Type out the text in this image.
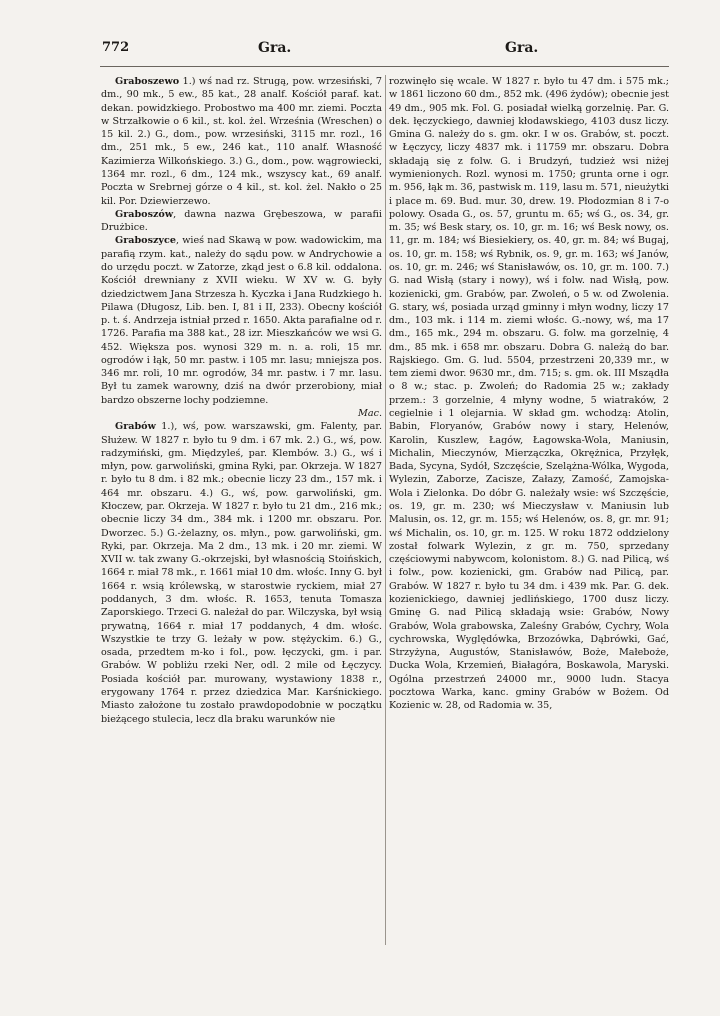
772	Gra.	Gra.

Graboszewo 1.) wś nad rz. Strugą, pow. wrzesiński, 7 dm., 90 mk., 5 ew., 85 kat., 28 analf. Kościół paraf. kat. dekan. powidzkiego. Probostwo ma 400 mr. ziemi. Poczta w Strzałkowie o 6 kil., st. kol. żel. Września (Wreschen) o 15 kil. 2.) G., dom., pow. wrzesiński, 3115 mr. rozl., 16 dm., 251 mk., 5 ew., 246 kat., 110 analf. Własność Kazimierza Wilkońskiego. 3.) G., dom., pow. wągrowiecki, 1364 mr. rozl., 6 dm., 124 mk., wszyscy kat., 69 analf. Poczta w Srebrnej górze o 4 kil., st. kol. żel. Nakło o 25 kil. Por. Dziewierzewo.

Graboszów, dawna nazwa Grębeszowa, w parafii Drużbice.

Graboszyce, wieś nad Skawą w pow. wadowickim, ma parafią rzym. kat., należy do sądu pow. w Andrychowie a do urzędu poczt. w Zatorze, zkąd jest o 6.8 kil. oddalona. Kościół drewniany z XVII wieku. W XV w. G. były dziedzictwem Jana Strzesza h. Kyczka i Jana Rudzkiego h. Pilawa (Długosz, Lib. ben. I, 81 i II, 233). Obecny kościół p. t. ś. Andrzeja istniał przed r. 1650. Akta parafialne od r. 1726. Parafia ma 388 kat., 28 izr. Mieszkańców we wsi G. 452. Większa pos. wynosi 329 m. n. a. roli, 15 mr. ogrodów i łąk, 50 mr. pastw. i 105 mr. lasu; mniejsza pos. 346 mr. roli, 10 mr. ogrodów, 34 mr. pastw. i 7 mr. lasu. Był tu zamek warowny, dziś na dwór przerobiony, miał bardzo obszerne lochy podziemne.

Mac.

Grabów 1.), wś, pow. warszawski, gm. Falenty, par. Służew. W 1827 r. było tu 9 dm. i 67 mk. 2.) G., wś, pow. radzymiński, gm. Międzyleś, par. Klembów. 3.) G., wś i młyn, pow. garwoliński, gmina Ryki, par. Okrzeja. W 1827 r. było tu 8 dm. i 82 mk.; obecnie liczy 23 dm., 157 mk. i 464 mr. obszaru. 4.) G., wś, pow. garwoliński, gm. Kłoczew, par. Okrzeja. W 1827 r. było tu 21 dm., 216 mk.; obecnie liczy 34 dm., 384 mk. i 1200 mr. obszaru. Por. Dworzec. 5.) G.-żelazny, os. młyn., pow. garwoliński, gm. Ryki, par. Okrzeja. Ma 2 dm., 13 mk. i 20 mr. ziemi. W XVII w. tak zwany G.-okrzejski, był własnością Stoińskich, 1664 r. miał 78 mk., r. 1661 miał 10 dm. włośc. Inny G. był 1664 r. wsią królewską, w starostwie ryckiem, miał 27 poddanych, 3 dm. włośc. R. 1653, tenuta Tomasza Zaporskiego. Trzeci G. należał do par. Wilczyska, był wsią prywatną, 1664 r. miał 17 poddanych, 4 dm. włośc. Wszystkie te trzy G. leżały w pow. stężyckim. 6.) G., osada, przedtem m-ko i fol., pow. łęczycki, gm. i par. Grabów. W pobliżu rzeki Ner, odl. 2 mile od Łęczycy. Posiada kościół par. murowany, wystawiony 1838 r., erygowany 1764 r. przez dziedzica Mar. Karśnickiego. Miasto założone tu zostało prawdopodobnie w początku bieżącego stulecia, lecz dla braku warunków nie

rozwinęło się wcale. W 1827 r. było tu 47 dm. i 575 mk.; w 1861 liczono 60 dm., 852 mk. (496 żydów); obecnie jest 49 dm., 905 mk. Fol. G. posiadał wielką gorzelnię. Par. G. dek. łęczyckiego, dawniej kłodawskiego, 4103 dusz liczy. Gmina G. należy do s. gm. okr. I w os. Grabów, st. poczt. w Łęczycy, liczy 4837 mk. i 11759 mr. obszaru. Dobra składają się z folw. G. i Brudzyń, tudzież wsi niżej wymienionych. Rozl. wynosi m. 1750; grunta orne i ogr. m. 956, łąk m. 36, pastwisk m. 119, lasu m. 571, nieużytki i place m. 69. Bud. mur. 30, drew. 19. Płodozmian 8 i 7-o polowy. Osada G., os. 57, gruntu m. 65; wś G., os. 34, gr. m. 35; wś Besk stary, os. 10, gr. m. 16; wś Besk nowy, os. 11, gr. m. 184; wś Biesiekiery, os. 40, gr. m. 84; wś Bugaj, os. 10, gr. m. 158; wś Rybnik, os. 9, gr. m. 163; wś Janów, os. 10, gr. m. 246; wś Stanisławów, os. 10, gr. m. 100. 7.) G. nad Wisłą (stary i nowy), wś i folw. nad Wisłą, pow. kozienicki, gm. Grabów, par. Zwoleń, o 5 w. od Zwolenia. G. stary, wś, posiada urząd gminny i młyn wodny, liczy 17 dm., 103 mk. i 114 m. ziemi włośc. G.-nowy, wś, ma 17 dm., 165 mk., 294 m. obszaru. G. folw. ma gorzelnię, 4 dm., 85 mk. i 658 mr. obszaru. Dobra G. należą do bar. Rajskiego. Gm. G. lud. 5504, przestrzeni 20,339 mr., w tem ziemi dwor. 9630 mr., dm. 715; s. gm. ok. III Msządła o 8 w.; stac. p. Zwoleń; do Radomia 25 w.; zakłady przem.: 3 gorzelnie, 4 młyny wodne, 5 wiatraków, 2 cegielnie i 1 olejarnia. W skład gm. wchodzą: Atolin, Babin, Floryanów, Grabów nowy i stary, Helenów, Karolin, Kuszlew, Łagów, Łagowska-Wola, Maniusin, Michalin, Mieczynów, Mierzączka, Okrężnica, Przyłęk, Bada, Sycyna, Sydół, Szczęście, Szelążna-Wólka, Wygoda, Wylezin, Zaborze, Zacisze, Załazy, Zamość, Zamojska-Wola i Zielonka. Do dóbr G. należały wsie: wś Szczęście, os. 19, gr. m. 230; wś Mieczysław v. Maniusin lub Malusin, os. 12, gr. m. 155; wś Helenów, os. 8, gr. mr. 91; wś Michalin, os. 10, gr. m. 125. W roku 1872 oddzielony został folwark Wylezin, z gr. m. 750, sprzedany częściowymi nabywcom, kolonistom. 8.) G. nad Pilicą, wś i folw., pow. kozienicki, gm. Grabów nad Pilicą, par. Grabów. W 1827 r. było tu 34 dm. i 439 mk. Par. G. dek. kozienickiego, dawniej jedlińskiego, 1700 dusz liczy. Gminę G. nad Pilicą składają wsie: Grabów, Nowy Grabów, Wola grabowska, Zaleśny Grabów, Cychry, Wola cychrowska, Wyględówka, Brzozówka, Dąbrówki, Gać, Strzyżyna, Augustów, Stanisławów, Boże, Małeboże, Ducka Wola, Krzemień, Białagóra, Boskawola, Maryski. Ogólna przestrzeń 24000 mr., 9000 ludn. Stacya pocztowa Warka, kanc. gminy Grabów w Bożem. Od Kozienic w. 28, od Radomia w. 35,
